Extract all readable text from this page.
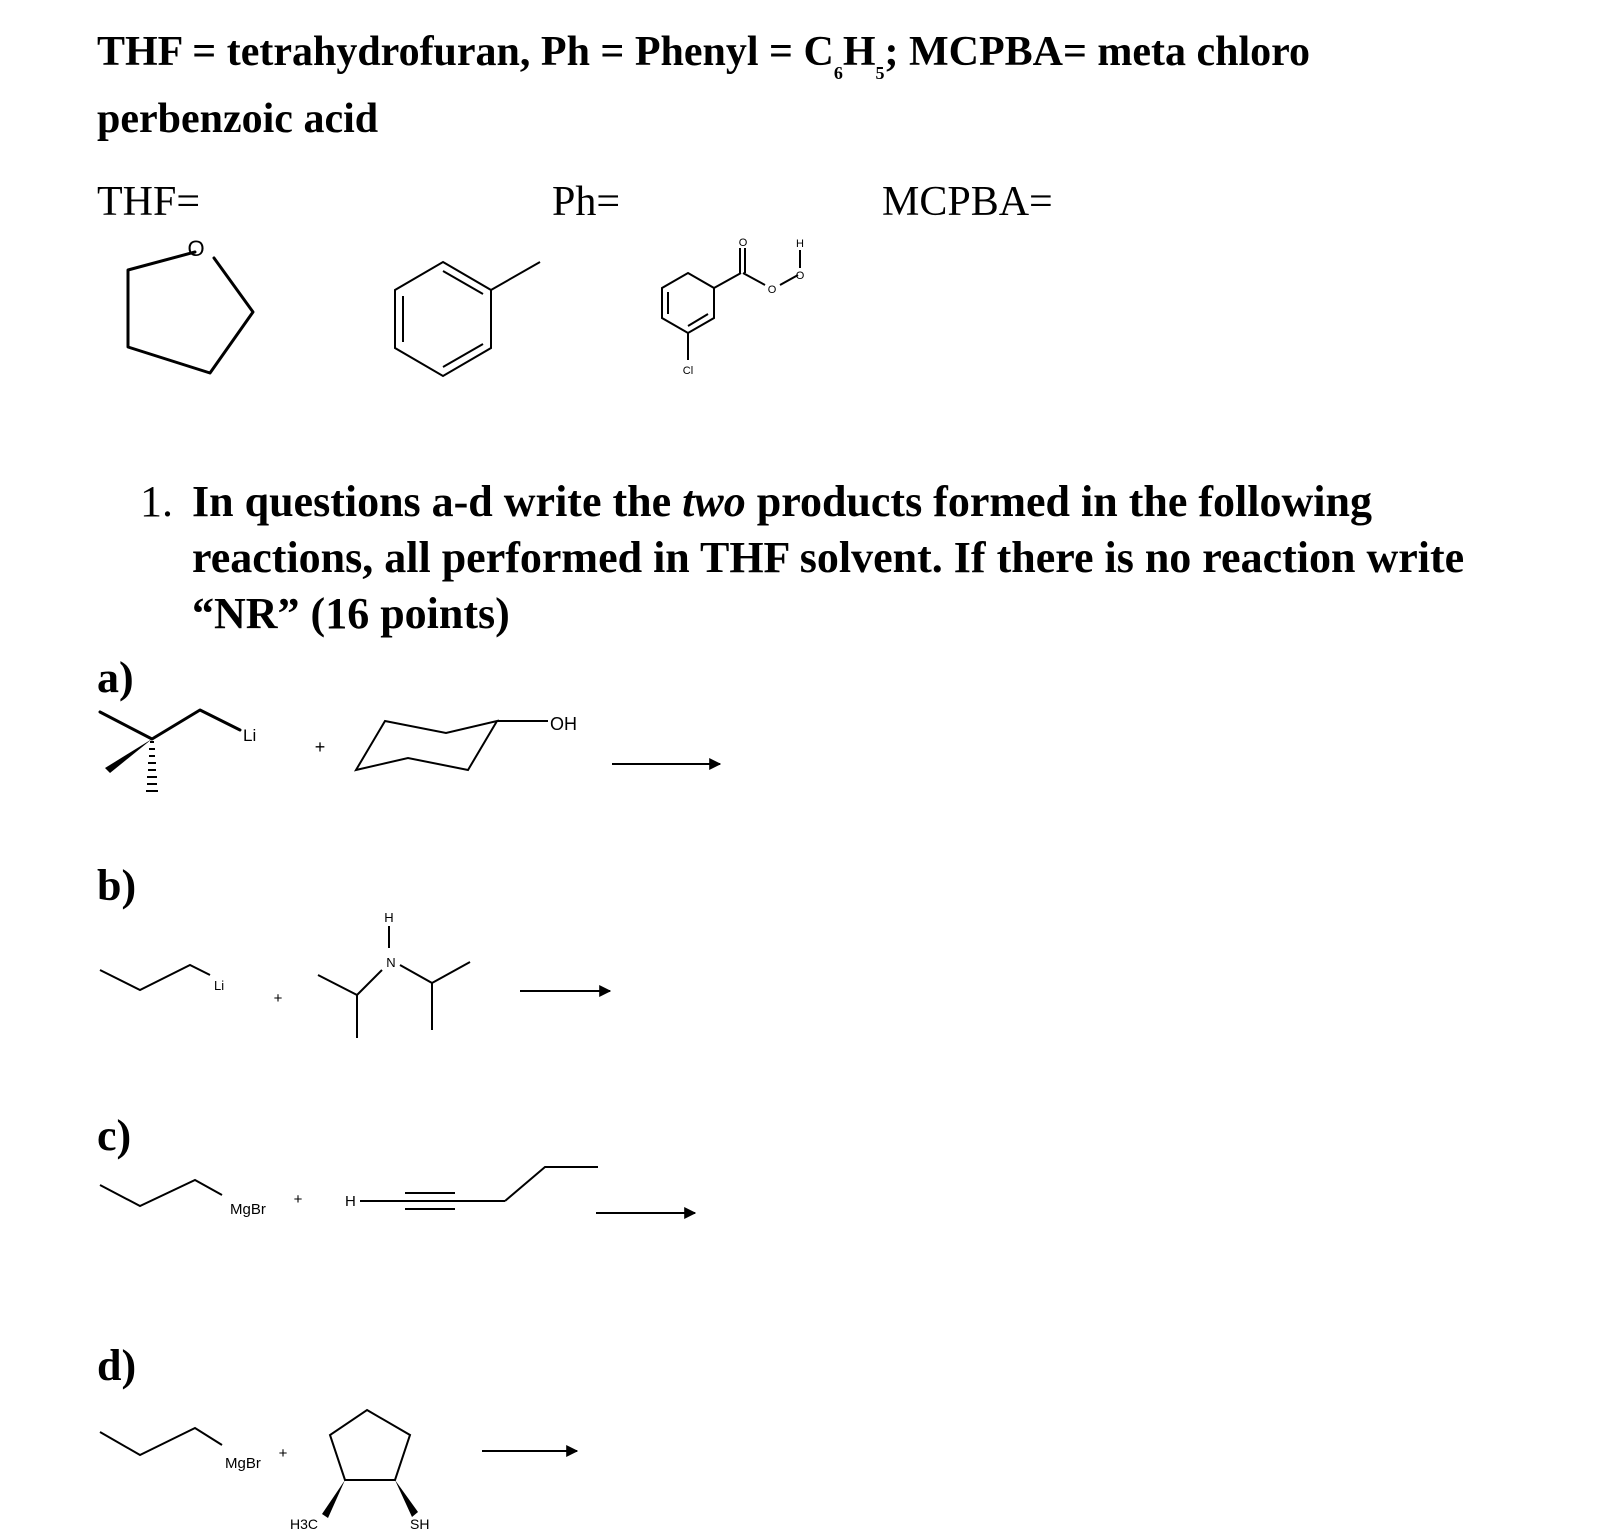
THF = tetrahydrofuran, Ph = Phenyl = $C_6H_5$; MCPBA= meta chloro
perbenzoic acid
THF=	Ph=	MCPBA=
1. In questions a-d write the two products formed in the following reactions, all performed in THF solvent. If there is no reaction write “NR” (16 points)
a)
b)
c)
d)
O	O
O
O
H
Cl
Li
+
OH
Li
+
H
N
MgBr
+	H
MgBr
+
H3C	SH
